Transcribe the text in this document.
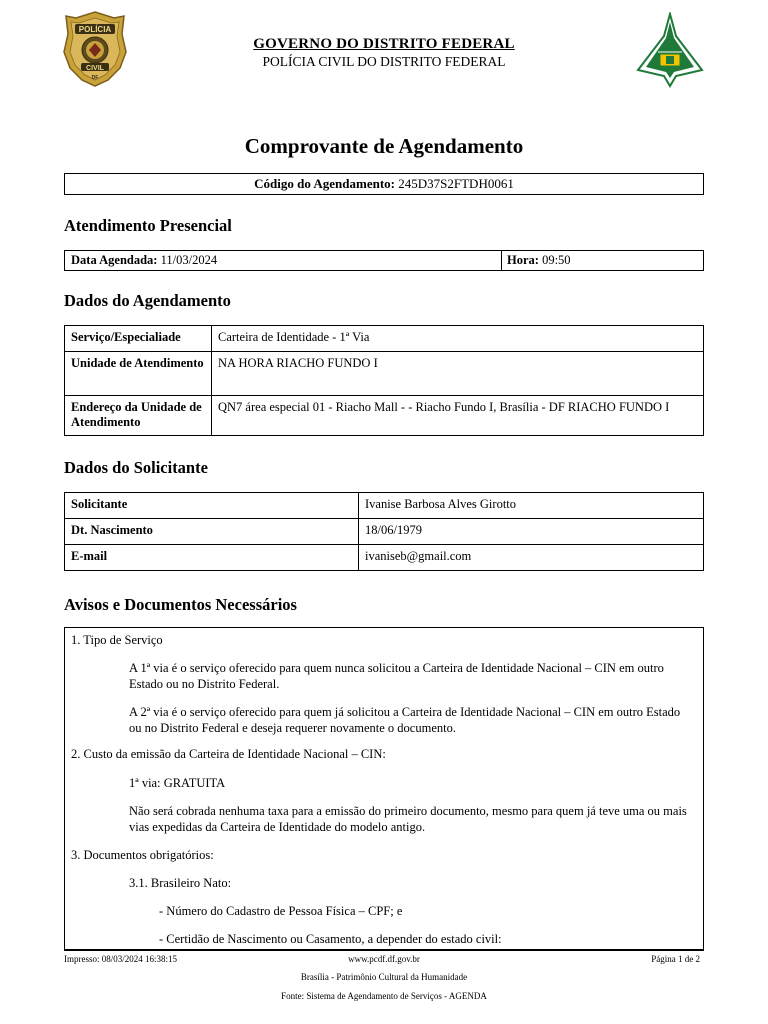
POLÍCIA
CIVIL
DF
GOVERNO DO DISTRITO FEDERAL
POLÍCIA CIVIL DO DISTRITO FEDERAL
Comprovante de Agendamento
Código do Agendamento: 245D37S2FTDH0061
Atendimento Presencial
Data Agendada: 11/03/2024	Hora: 09:50
Dados do Agendamento
Serviço/Especialiade	Carteira de Identidade - 1ª Via
Unidade de Atendimento	NA HORA RIACHO FUNDO I
Endereço da Unidade de Atendimento	QN7 área especial 01 - Riacho Mall - - Riacho Fundo I, Brasília - DF RIACHO FUNDO I
Dados do Solicitante
Solicitante	Ivanise Barbosa Alves Girotto
Dt. Nascimento	18/06/1979
E-mail	ivaniseb@gmail.com
Avisos e Documentos Necessários

1. Tipo de Serviço

A 1ª via é o serviço oferecido para quem nunca solicitou a Carteira de Identidade Nacional – CIN em outro Estado ou no Distrito Federal.

A 2ª via é o serviço oferecido para quem já solicitou a Carteira de Identidade Nacional – CIN em outro Estado ou no Distrito Federal e deseja requerer novamente o documento.

2. Custo da emissão da Carteira de Identidade Nacional – CIN:

1ª via: GRATUITA

Não será cobrada nenhuma taxa para a emissão do primeiro documento, mesmo para quem já teve uma ou mais vias expedidas da Carteira de Identidade do modelo antigo.

3. Documentos obrigatórios:

3.1. Brasileiro Nato:

- Número do Cadastro de Pessoa Física – CPF; e

- Certidão de Nascimento ou Casamento, a depender do estado civil:

Impresso: 08/03/2024 16:38:15	www.pcdf.df.gov.br	Página 1 de 2
Brasília - Patrimônio Cultural da Humanidade
Fonte: Sistema de Agendamento de Serviços - AGENDA
